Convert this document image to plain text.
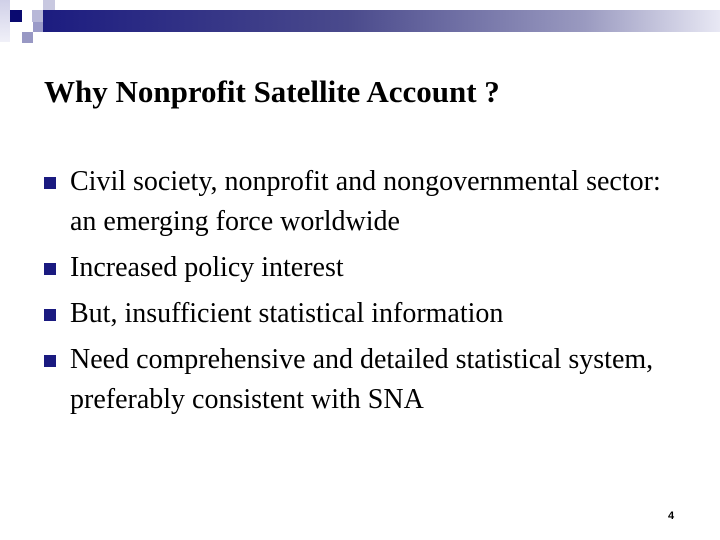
Why Nonprofit Satellite Account ?
Civil society, nonprofit and nongovernmental sector: an emerging force worldwide
Increased policy interest
But, insufficient statistical information
Need comprehensive and detailed statistical system, preferably consistent with SNA
4
